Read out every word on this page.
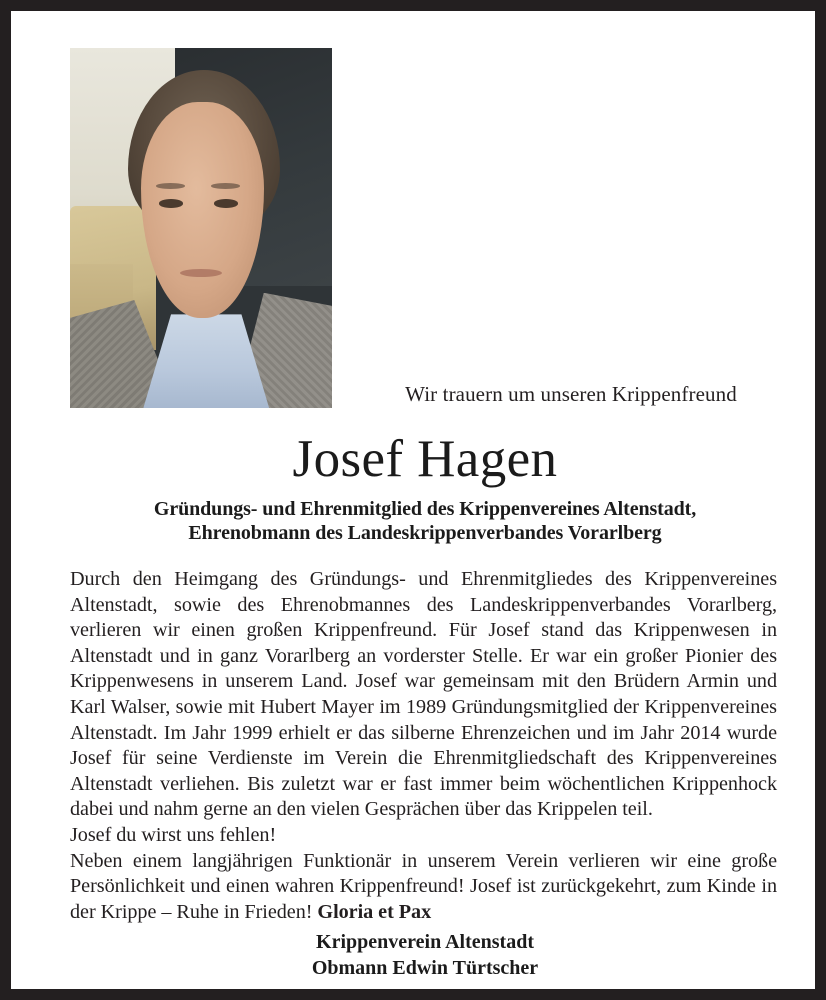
Wir trauern um unseren Krippenfreund
Josef Hagen
Gründungs- und Ehrenmitglied des Krippenvereines Altenstadt,
Ehrenobmann des Landeskrippenverbandes Vorarlberg

Durch den Heimgang des Gründungs- und Ehrenmitgliedes des Krippenvereines Altenstadt, sowie des Ehrenobmannes des Landeskrippenverbandes Vorarlberg, verlieren wir einen großen Krippenfreund. Für Josef stand das Krippenwesen in Altenstadt und in ganz Vorarlberg an vorderster Stelle. Er war ein großer Pionier des Krippenwesens in unserem Land. Josef war gemeinsam mit den Brüdern Armin und Karl Walser, sowie mit Hubert Mayer im 1989 Gründungsmitglied der Krippenvereines Altenstadt. Im Jahr 1999 erhielt er das silberne Ehrenzeichen und im Jahr 2014 wurde Josef für seine Verdienste im Verein die Ehrenmitgliedschaft des Krippenvereines Altenstadt verliehen. Bis zuletzt war er fast immer beim wöchentlichen Krippenhock dabei und nahm gerne an den vielen Gesprächen über das Krippelen teil.

Josef du wirst uns fehlen!

Neben einem langjährigen Funktionär in unserem Verein verlieren wir eine große Persönlichkeit und einen wahren Krippenfreund! Josef ist zurückgekehrt, zum Kinde in der Krippe – Ruhe in Frieden! Gloria et Pax

Krippenverein Altenstadt
Obmann Edwin Türtscher
